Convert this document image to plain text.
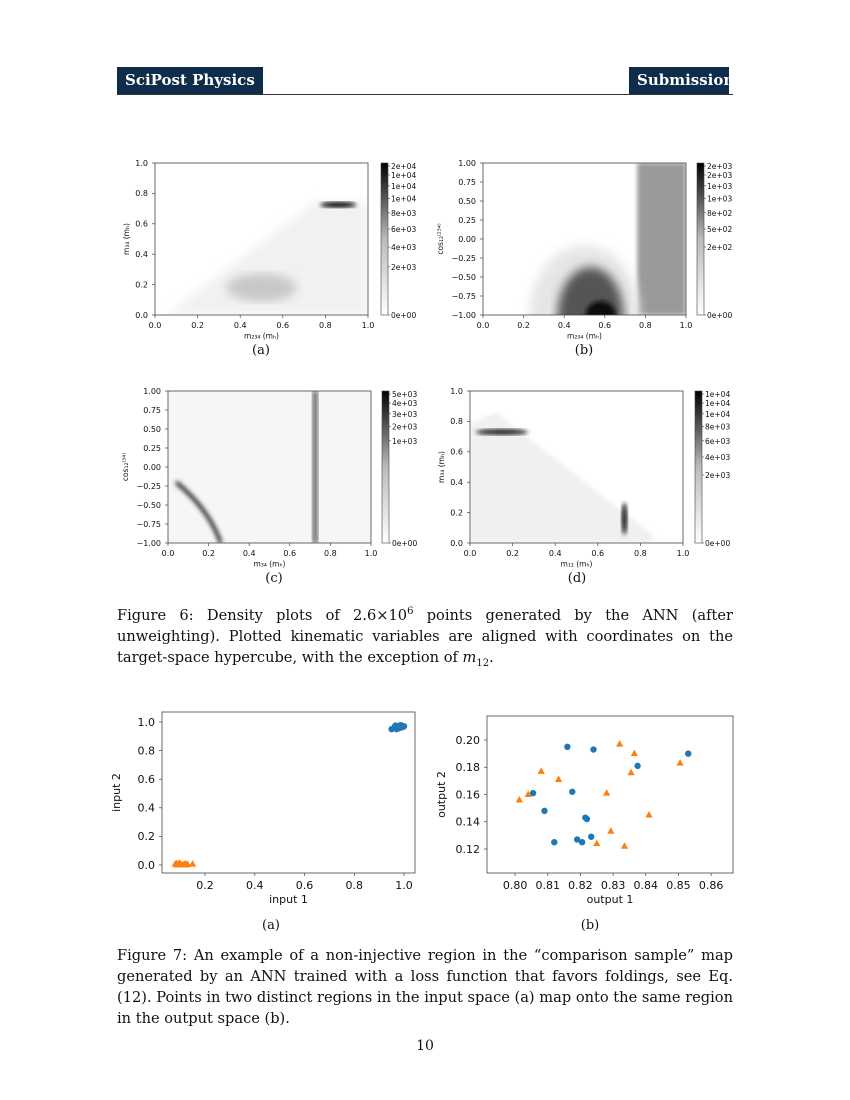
SciPost Physics	Submission
2e+04
1e+04
1e+04
1e+04
8e+03
6e+03
4e+03
2e+03
0e+00
0.0	0.2	0.4	0.6	0.8	1.0
0.0
0.2
0.4
0.6
0.8
1.0
m₂₃₄ (mₕ)
m₃₄ (mₕ)
2e+03
2e+03
1e+03
1e+03
8e+02
5e+02
2e+02
0e+00
0.0	0.2	0.4	0.6	0.8	1.0
−1.00
−0.75
−0.50
−0.25
0.00
0.25
0.50
0.75
1.00
m₂₃₄ (mₕ)
cos₁₂⁽²³⁴⁾
5e+03
4e+03
3e+03
2e+03
1e+03
0e+00
0.0	0.2	0.4	0.6	0.8	1.0
−1.00
−0.75
−0.50
−0.25
0.00
0.25
0.50
0.75
1.00
m₃₄ (mₕ)
cos₁₂⁽³⁴⁾
1e+04
1e+04
1e+04
8e+03
6e+03
4e+03
2e+03
0e+00
0.0	0.2	0.4	0.6	0.8	1.0
0.0
0.2
0.4
0.6
0.8
1.0
m₁₂ (mₕ)
m₃₄ (mₕ)
0.2	0.4	0.6	0.8	1.0
0.0
0.2
0.4
0.6
0.8
1.0
input 1
input 2
0.80 0.81 0.82 0.83 0.84 0.85 0.86
0.12
0.14
0.16
0.18
0.20
output 1
output 2
(a)	(b)
(c)	(d)
Figure 6: Density plots of $2.6\times 10^6$ points generated by the ANN (after unweighting). Plotted kinematic variables are aligned with coordinates on the target-space hypercube, with the exception of $m_{12}$.
(a)	(b)
Figure 7: An example of a non-injective region in the “comparison sample” map generated by an ANN trained with a loss function that favors foldings, see Eq. (12). Points in two distinct regions in the input space (a) map onto the same region in the output space (b).
10
